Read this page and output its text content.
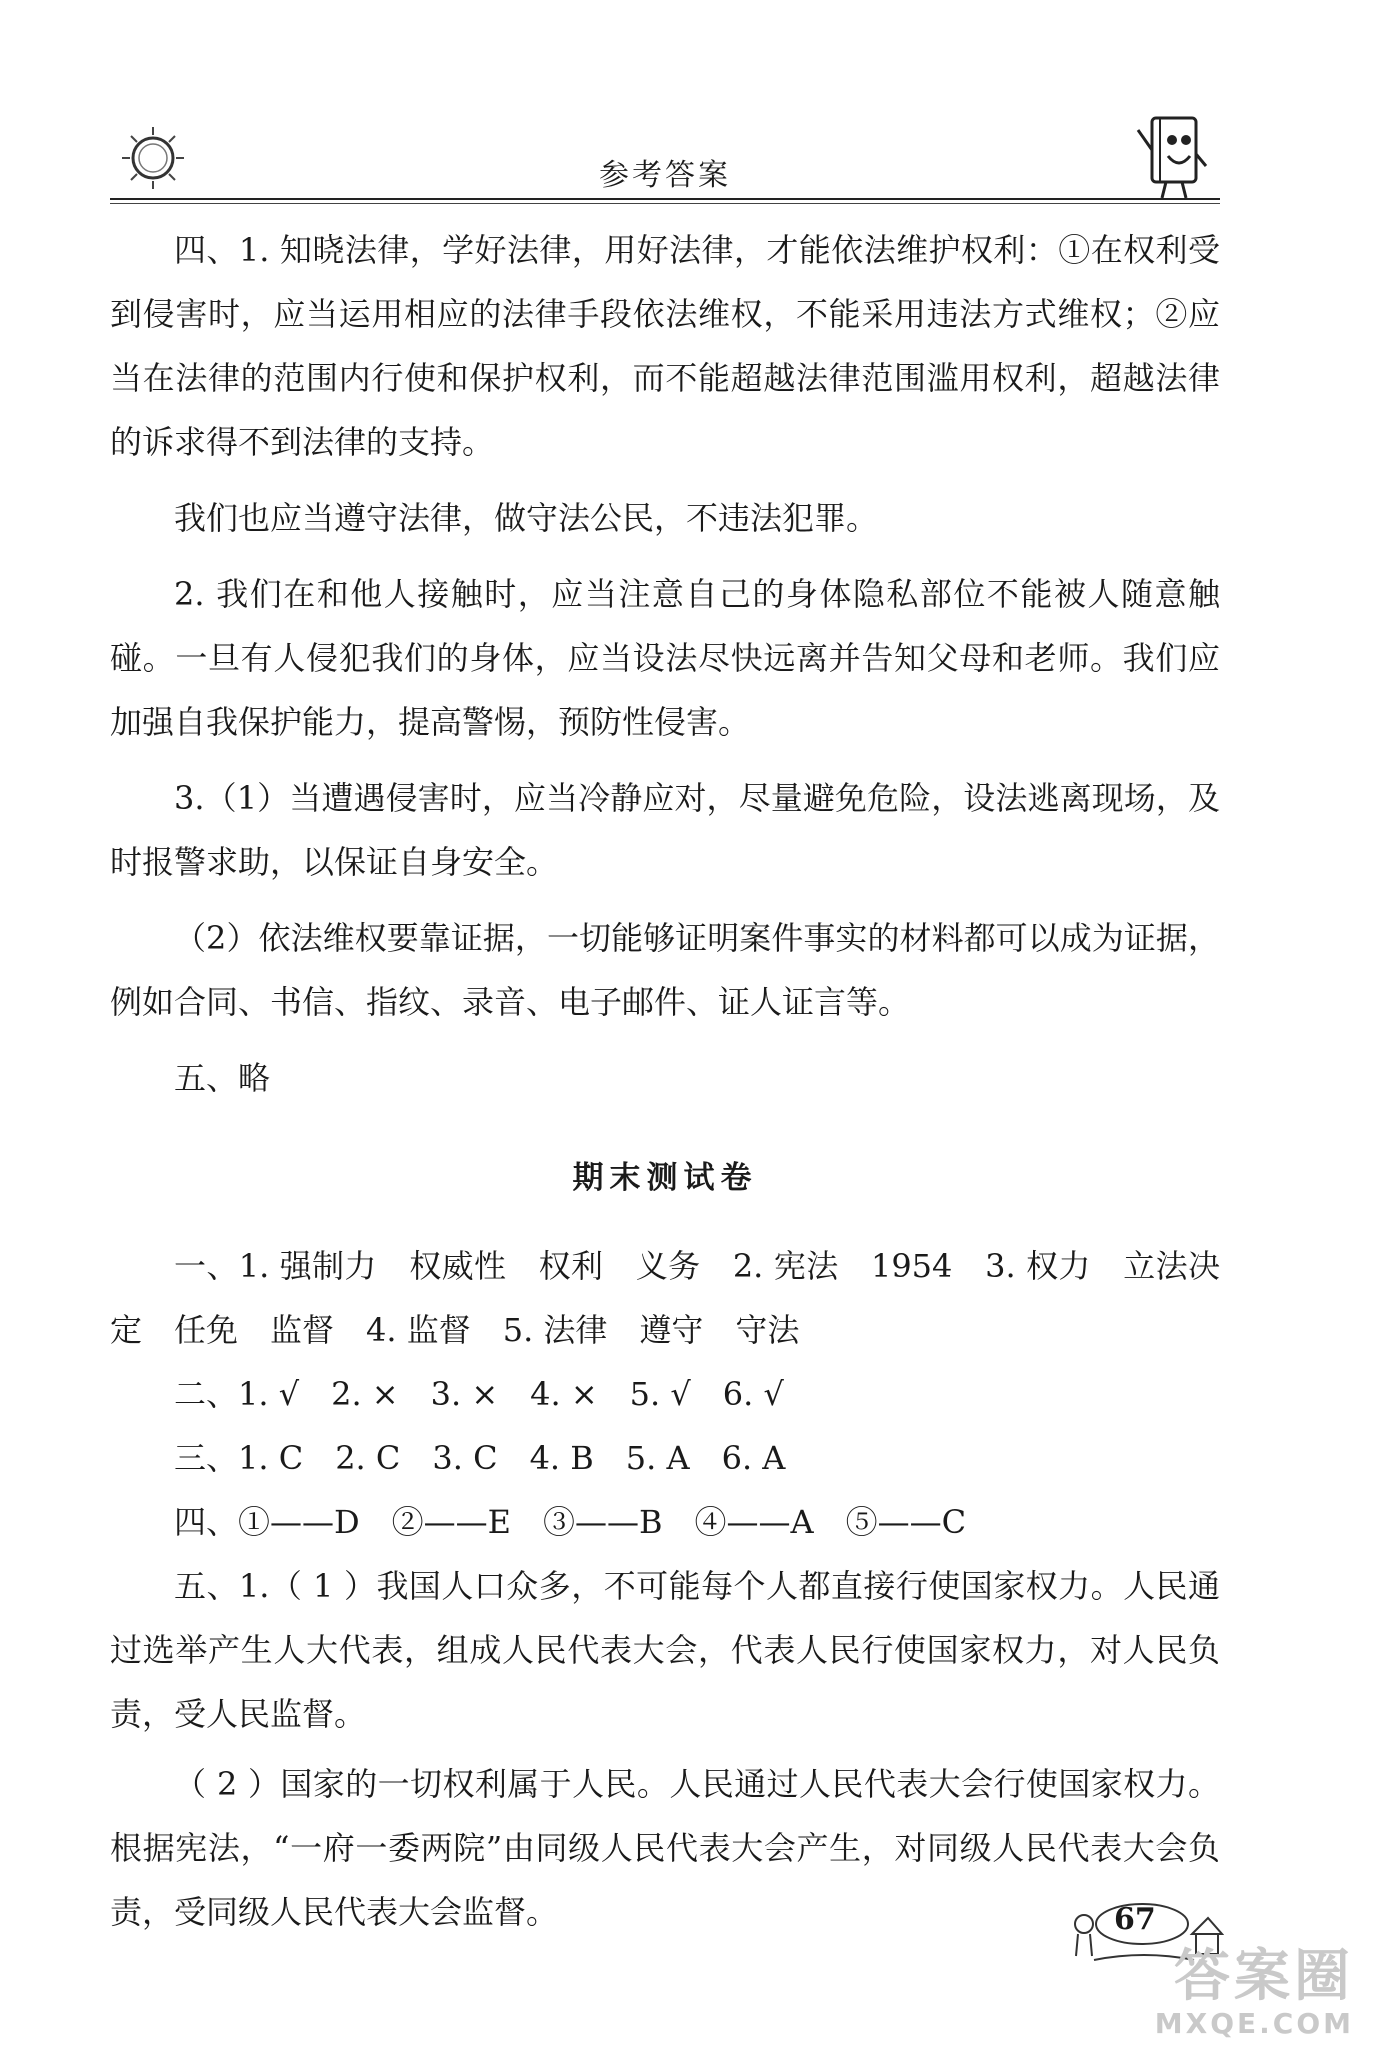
参考答案

四、1. 知晓法律，学好法律，用好法律，才能依法维护权利：①在权利受到侵害时，应当运用相应的法律手段依法维权，不能采用违法方式维权；②应当在法律的范围内行使和保护权利，而不能超越法律范围滥用权利，超越法律的诉求得不到法律的支持。

我们也应当遵守法律，做守法公民，不违法犯罪。

2. 我们在和他人接触时，应当注意自己的身体隐私部位不能被人随意触碰。一旦有人侵犯我们的身体，应当设法尽快远离并告知父母和老师。我们应加强自我保护能力，提高警惕，预防性侵害。

3.（1）当遭遇侵害时，应当冷静应对，尽量避免危险，设法逃离现场，及时报警求助，以保证自身安全。

（2）依法维权要靠证据，一切能够证明案件事实的材料都可以成为证据，例如合同、书信、指纹、录音、电子邮件、证人证言等。

五、略

期末测试卷

一、1. 强制力　权威性　权利　义务　2. 宪法　1954　3. 权力　立法决定　任免　监督　4. 监督　5. 法律　遵守　守法

二、1. √　2. ×　3. ×　4. ×　5. √　6. √

三、1. C　2. C　3. C　4. B　5. A　6. A

四、①——D　②——E　③——B　④——A　⑤——C

五、1.（ 1 ）我国人口众多，不可能每个人都直接行使国家权力。人民通过选举产生人大代表，组成人民代表大会，代表人民行使国家权力，对人民负责，受人民监督。

（ 2 ）国家的一切权利属于人民。人民通过人民代表大会行使国家权力。根据宪法，“一府一委两院”由同级人民代表大会产生，对同级人民代表大会负责，受同级人民代表大会监督。	67
答案圈
MXQE.COM
